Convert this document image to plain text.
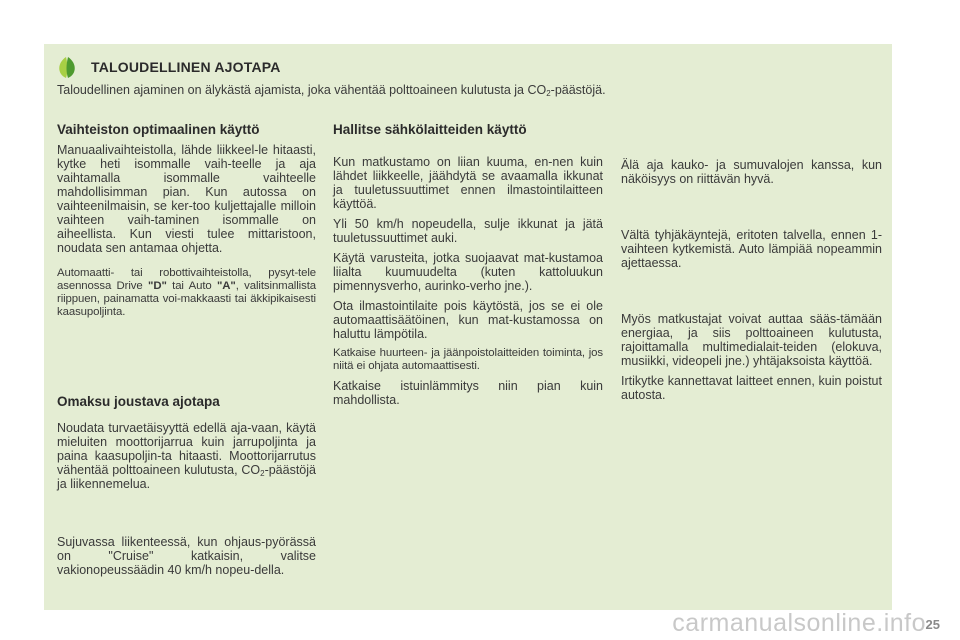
TALOUDELLINEN AJOTAPA
Taloudellinen ajaminen on älykästä ajamista, joka vähentää polttoaineen kulutusta ja $CO_2$-päästöjä.

Vaihteiston optimaalinen käyttö

Manuaalivaihteistolla, lähde liikkeel-le hitaasti, kytke heti isommalle vaih-teelle ja aja vaihtamalla isommalle vaihteelle mahdollisimman pian. Kun autossa on vaihteenilmaisin, se ker-too kuljettajalle milloin vaihteen vaih-taminen isommalle on aiheellista. Kun viesti tulee mittaristoon, noudata sen antamaa ohjetta.

Automaatti- tai robottivaihteistolla, pysyt-tele asennossa Drive "D" tai Auto "A", valitsinmallista riippuen, painamatta voi-makkaasti tai äkkipikaisesti kaasupoljinta.

Omaksu joustava ajotapa

Noudata turvaetäisyyttä edellä aja-vaan, käytä mieluiten moottorijarrua kuin jarrupoljinta ja paina kaasupoljin-ta hitaasti. Moottorijarrutus vähentää polttoaineen kulutusta, $CO_2$-päästöjä ja liikennemelua.

Sujuvassa liikenteessä, kun ohjaus-pyörässä on "Cruise" katkaisin, valitse vakionopeussäädin 40 km/h nopeu-della.

Hallitse sähkölaitteiden käyttö

Kun matkustamo on liian kuuma, en-nen kuin lähdet liikkeelle, jäähdytä se avaamalla ikkunat ja tuuletussuuttimet ennen ilmastointilaitteen käyttöä.

Yli 50 km/h nopeudella, sulje ikkunat ja jätä tuuletussuuttimet auki.

Käytä varusteita, jotka suojaavat mat-kustamoa liialta kuumuudelta (kuten kattoluukun pimennysverho, aurinko-verho jne.).

Ota ilmastointilaite pois käytöstä, jos se ei ole automaattisäätöinen, kun mat-kustamossa on haluttu lämpötila.

Katkaise huurteen- ja jäänpoistolaitteiden toiminta, jos niitä ei ohjata automaattisesti.

Katkaise istuinlämmitys niin pian kuin mahdollista.

Älä aja kauko- ja sumuvalojen kanssa, kun näköisyys on riittävän hyvä.

Vältä tyhjäkäyntejä, eritoten talvella, ennen 1-vaihteen kytkemistä. Auto lämpiää nopeammin ajettaessa.

Myös matkustajat voivat auttaa sääs-tämään energiaa, ja siis polttoaineen kulutusta, rajoittamalla multimedialait-teiden (elokuva, musiikki, videopeli jne.) yhtäjaksoista käyttöä.

Irtikytke kannettavat laitteet ennen, kuin poistut autosta.

carmanualsonline.info 25
